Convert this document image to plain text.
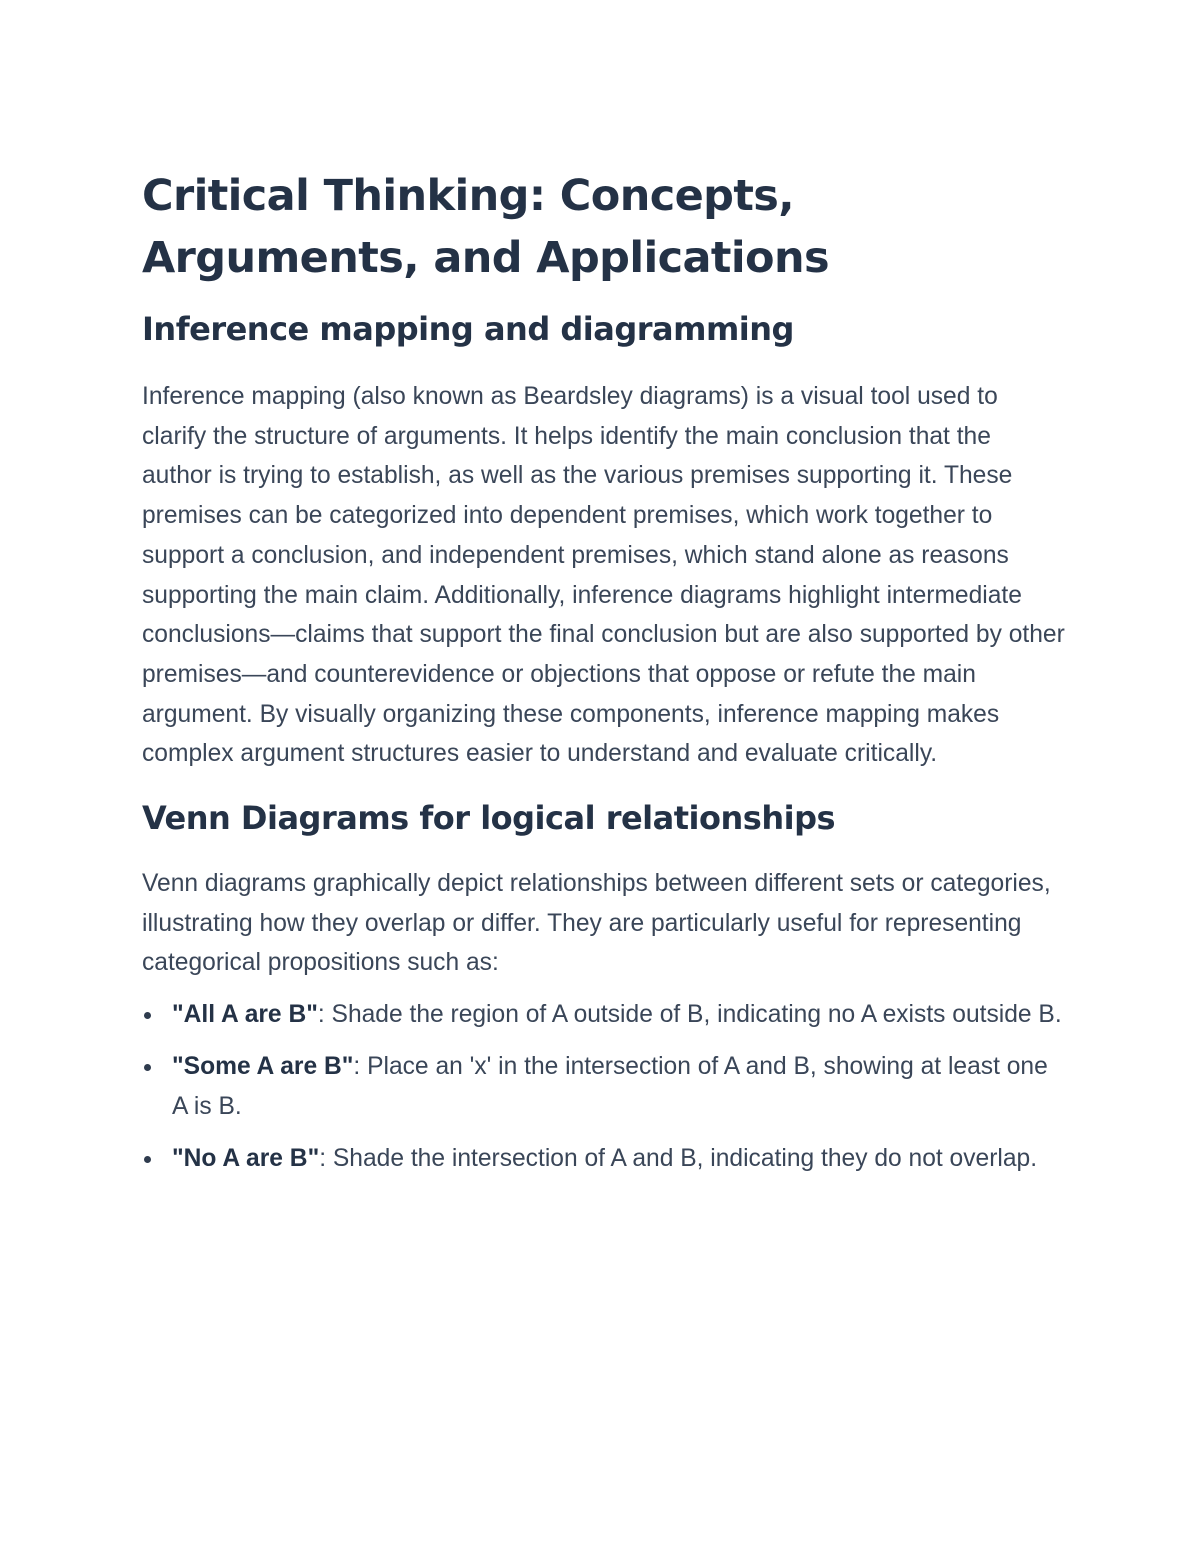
Critical Thinking: Concepts, Arguments, and Applications
Inference mapping and diagramming

Inference mapping (also known as Beardsley diagrams) is a visual tool used to clarify the structure of arguments. It helps identify the main conclusion that the author is trying to establish, as well as the various premises supporting it. These premises can be categorized into dependent premises, which work together to support a conclusion, and independent premises, which stand alone as reasons supporting the main claim. Additionally, inference diagrams highlight intermediate conclusions—claims that support the final conclusion but are also supported by other premises—and counterevidence or objections that oppose or refute the main argument. By visually organizing these components, inference mapping makes complex argument structures easier to understand and evaluate critically.

Venn Diagrams for logical relationships

Venn diagrams graphically depict relationships between different sets or categories, illustrating how they overlap or differ. They are particularly useful for representing categorical propositions such as:

"All A are B": Shade the region of A outside of B, indicating no A exists outside B.
"Some A are B": Place an 'x' in the intersection of A and B, showing at least one A is B.
"No A are B": Shade the intersection of A and B, indicating they do not overlap.
